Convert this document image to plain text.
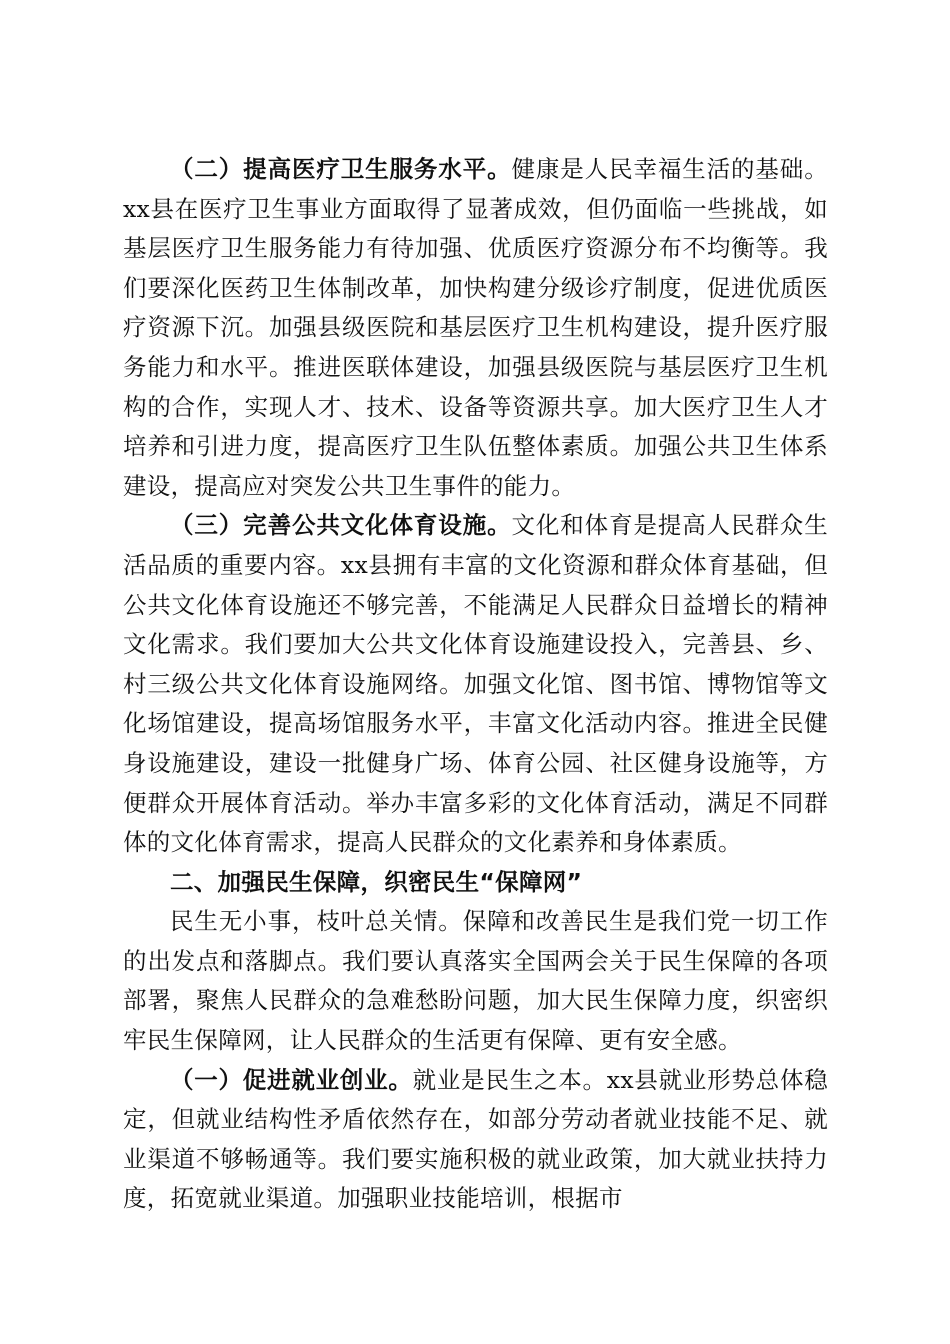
（二）提高医疗卫生服务水平。健康是人民幸福生活的基础。xx县在医疗卫生事业方面取得了显著成效，但仍面临一些挑战，如基层医疗卫生服务能力有待加强、优质医疗资源分布不均衡等。我们要深化医药卫生体制改革，加快构建分级诊疗制度，促进优质医疗资源下沉。加强县级医院和基层医疗卫生机构建设，提升医疗服务能力和水平。推进医联体建设，加强县级医院与基层医疗卫生机构的合作，实现人才、技术、设备等资源共享。加大医疗卫生人才培养和引进力度，提高医疗卫生队伍整体素质。加强公共卫生体系建设，提高应对突发公共卫生事件的能力。

（三）完善公共文化体育设施。文化和体育是提高人民群众生活品质的重要内容。xx县拥有丰富的文化资源和群众体育基础，但公共文化体育设施还不够完善，不能满足人民群众日益增长的精神文化需求。我们要加大公共文化体育设施建设投入，完善县、乡、村三级公共文化体育设施网络。加强文化馆、图书馆、博物馆等文化场馆建设，提高场馆服务水平，丰富文化活动内容。推进全民健身设施建设，建设一批健身广场、体育公园、社区健身设施等，方便群众开展体育活动。举办丰富多彩的文化体育活动，满足不同群体的文化体育需求，提高人民群众的文化素养和身体素质。

二、加强民生保障，织密民生“保障网”

民生无小事，枝叶总关情。保障和改善民生是我们党一切工作的出发点和落脚点。我们要认真落实全国两会关于民生保障的各项部署，聚焦人民群众的急难愁盼问题，加大民生保障力度，织密织牢民生保障网，让人民群众的生活更有保障、更有安全感。

（一）促进就业创业。就业是民生之本。xx县就业形势总体稳定，但就业结构性矛盾依然存在，如部分劳动者就业技能不足、就业渠道不够畅通等。我们要实施积极的就业政策，加大就业扶持力度，拓宽就业渠道。加强职业技能培训，根据市
